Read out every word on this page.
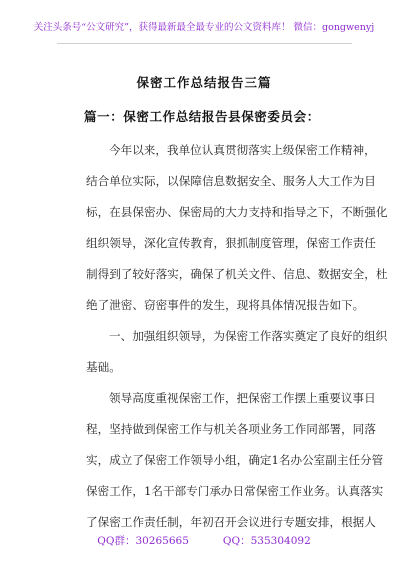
关注头条号“公文研究”，获得最新最全最专业的公文资料库！ 微信：gongwenyj
保密工作总结报告三篇
篇一：保密工作总结报告县保密委员会：
今年以来，我单位认真贯彻落实上级保密工作精神，
结合单位实际，以保障信息数据安全、服务人大工作为目
标，在县保密办、保密局的大力支持和指导之下，不断强化
组织领导，深化宣传教育，狠抓制度管理，保密工作责任
制得到了较好落实，确保了机关文件、信息、数据安全，杜
绝了泄密、窃密事件的发生，现将具体情况报告如下。
一、加强组织领导，为保密工作落实奠定了良好的组织
基础。
领导高度重视保密工作，把保密工作摆上重要议事日
程，坚持做到保密工作与机关各项业务工作同部署，同落
实，成立了保密工作领导小组，确定1名办公室副主任分管
保密工作，1名干部专门承办日常保密工作业务。认真落实
了保密工作责任制，年初召开会议进行专题安排，根据人
QQ群：30265665	QQ：535304092
